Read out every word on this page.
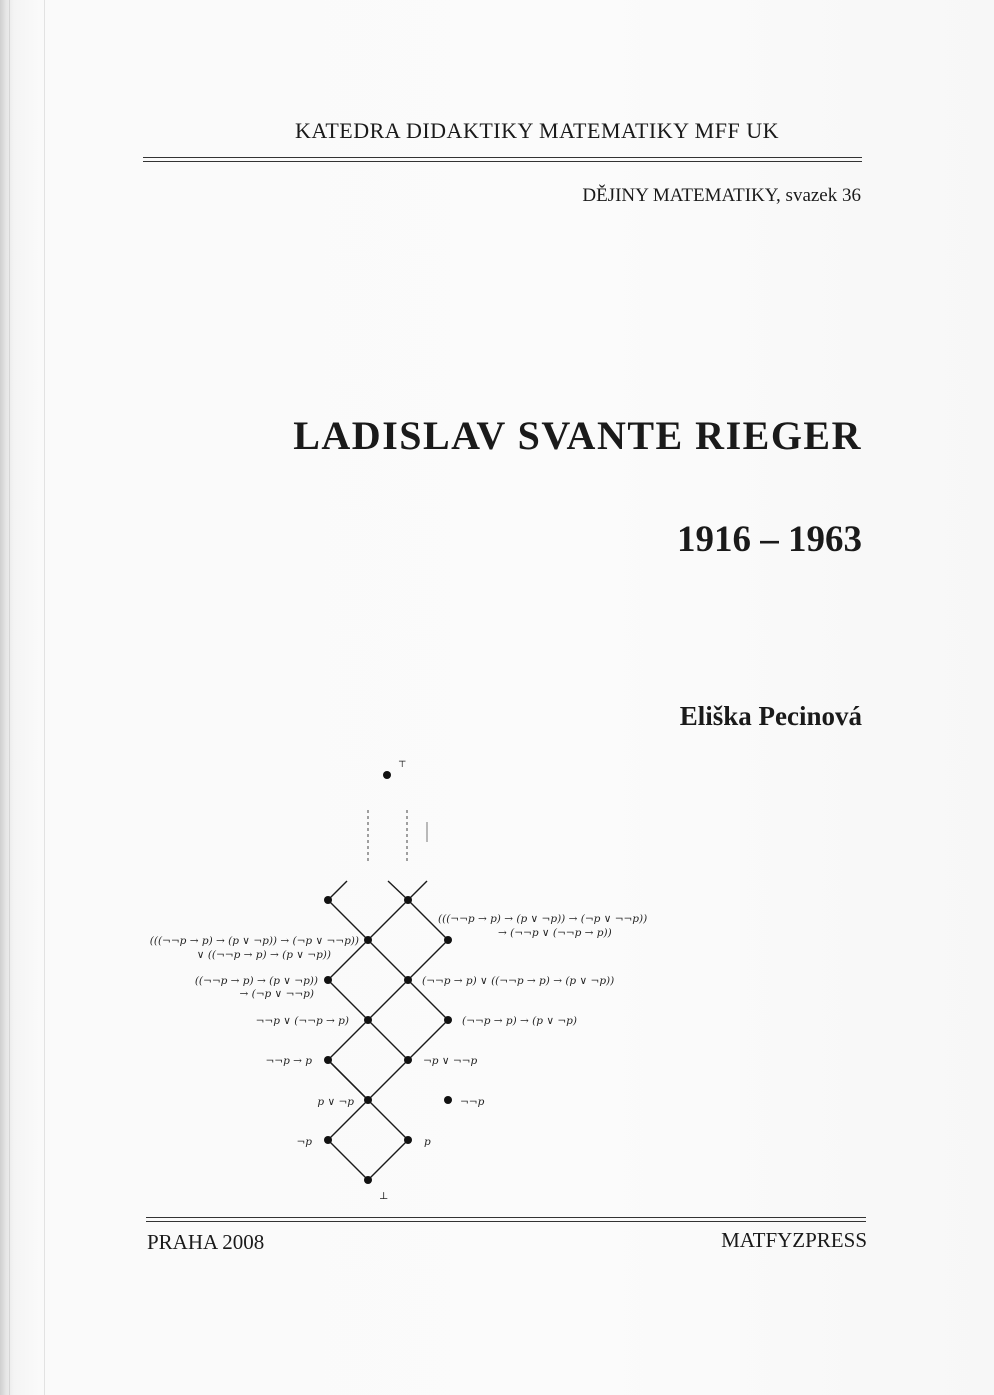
KATEDRA DIDAKTIKY MATEMATIKY MFF UK
DĚJINY MATEMATIKY, svazek 36
LADISLAV SVANTE RIEGER
1916 – 1963
Eliška Pecinová
⊤
(((¬¬p → p) → (p ∨ ¬p)) → (¬p ∨ ¬¬p))
→ (¬¬p ∨ (¬¬p → p))
(((¬¬p → p) → (p ∨ ¬p)) → (¬p ∨ ¬¬p))
∨ ((¬¬p → p) → (p ∨ ¬p))
((¬¬p → p) → (p ∨ ¬p))
→ (¬p ∨ ¬¬p)
(¬¬p → p) ∨ ((¬¬p → p) → (p ∨ ¬p))
¬¬p ∨ (¬¬p → p)	(¬¬p → p) → (p ∨ ¬p)
¬¬p → p	¬p ∨ ¬¬p
p ∨ ¬p	¬¬p
¬p	p
⊥
PRAHA 2008	MATFYZPRESS
